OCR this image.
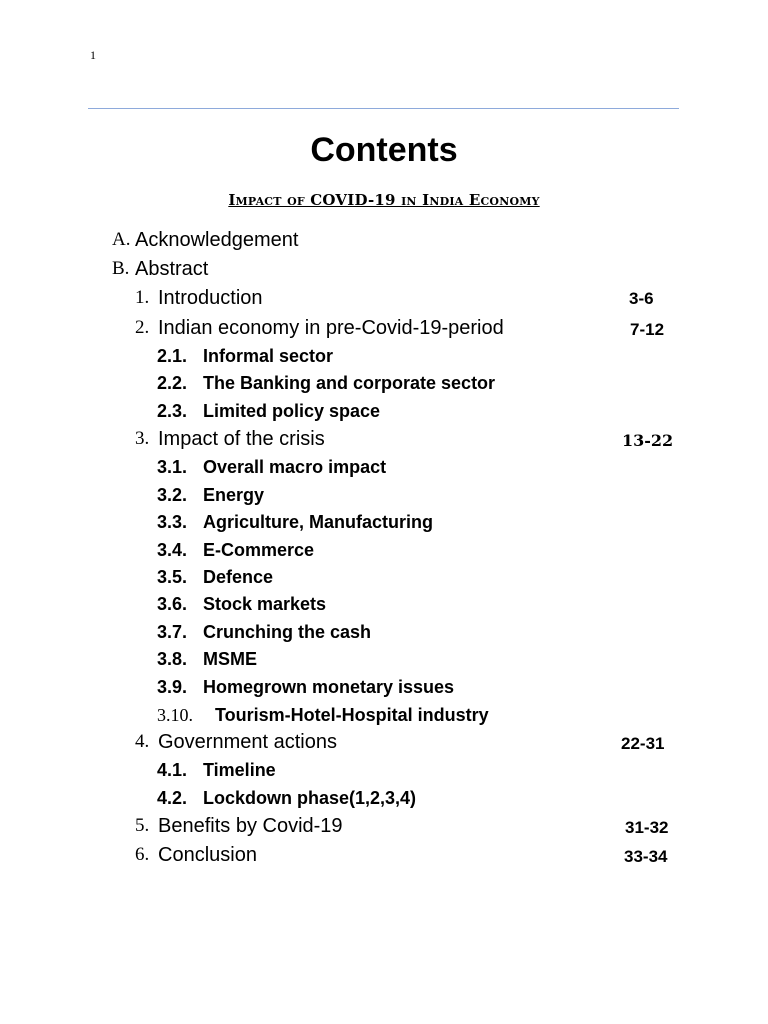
1
Contents
Impact of COVID-19 in India Economy
A. Acknowledgement
B. Abstract
1. Introduction	3-6
2. Indian economy in pre-Covid-19-period	7-12
2.1. Informal sector
2.2. The Banking and corporate sector
2.3. Limited policy space
3. Impact of the crisis	13-22
3.1. Overall macro impact
3.2. Energy
3.3. Agriculture, Manufacturing
3.4. E-Commerce
3.5. Defence
3.6. Stock markets
3.7. Crunching the cash
3.8. MSME
3.9. Homegrown monetary issues
3.10. Tourism-Hotel-Hospital industry
4. Government actions	22-31
4.1. Timeline
4.2. Lockdown phase(1,2,3,4)
5. Benefits by Covid-19	31-32
6. Conclusion	33-34
